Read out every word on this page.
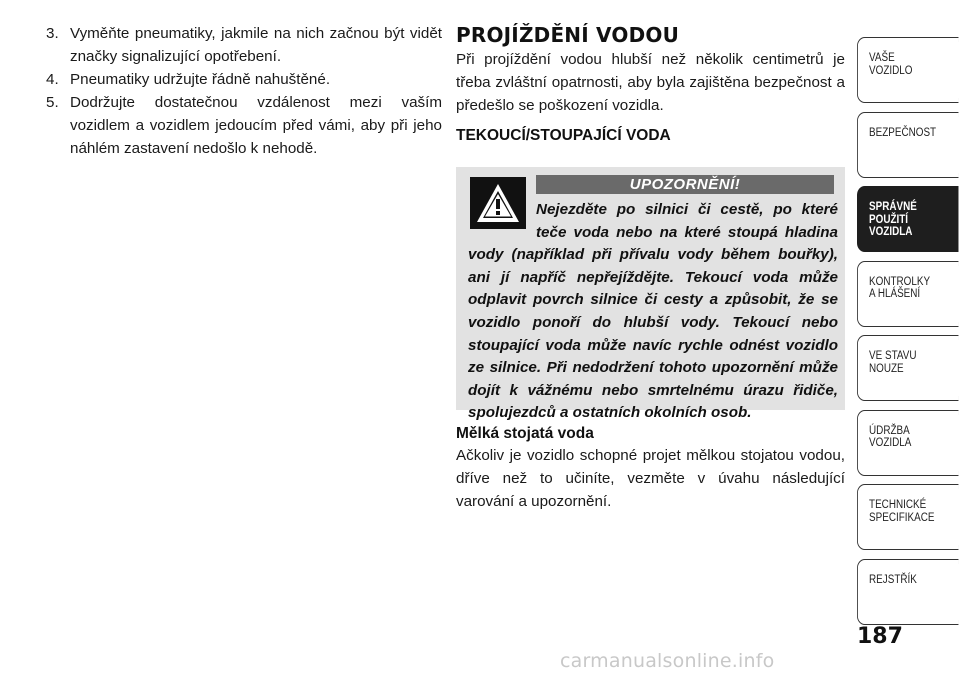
3. Vyměňte pneumatiky, jakmile na nich začnou být vidět značky signalizující opotřebení.
4. Pneumatiky udržujte řádně nahuštěné.
5. Dodržujte dostatečnou vzdálenost mezi vaším vozidlem a vozidlem jedoucím před vámi, aby při jeho náhlém zastavení nedošlo k nehodě.
PROJÍŽDĚNÍ VODOU

Při projíždění vodou hlubší než několik centimetrů je třeba zvláštní opatrnosti, aby byla zajištěna bezpečnost a předešlo se poškození vozidla.

TEKOUCÍ/STOUPAJÍCÍ VODA
UPOZORNĚNÍ!
Nejezděte po silnici či cestě, po které teče voda nebo na které stoupá hladina vody (například při přívalu vody během bouřky), ani jí napříč nepřejíždějte. Tekoucí voda může odplavit povrch silnice či cesty a způsobit, že se vozidlo ponoří do hlubší vody. Tekoucí nebo stoupající voda může navíc rychle odnést vozidlo ze silnice. Při nedodržení tohoto upozornění může dojít k vážnému nebo smrtelnému úrazu řidiče, spolujezdců a ostatních okolních osob.
Mělká stojatá voda

Ačkoliv je vozidlo schopné projet mělkou stojatou vodou, dříve než to učiníte, vezměte v úvahu následující varování a upozornění.

VAŠE
VOZIDLO
BEZPEČNOST
SPRÁVNÉ
POUŽITÍ
VOZIDLA
KONTROLKY
A HLÁŠENÍ
VE STAVU
NOUZE
ÚDRŽBA
VOZIDLA
TECHNICKÉ
SPECIFIKACE
REJSTŘÍK
187
carmanualsonline.info
